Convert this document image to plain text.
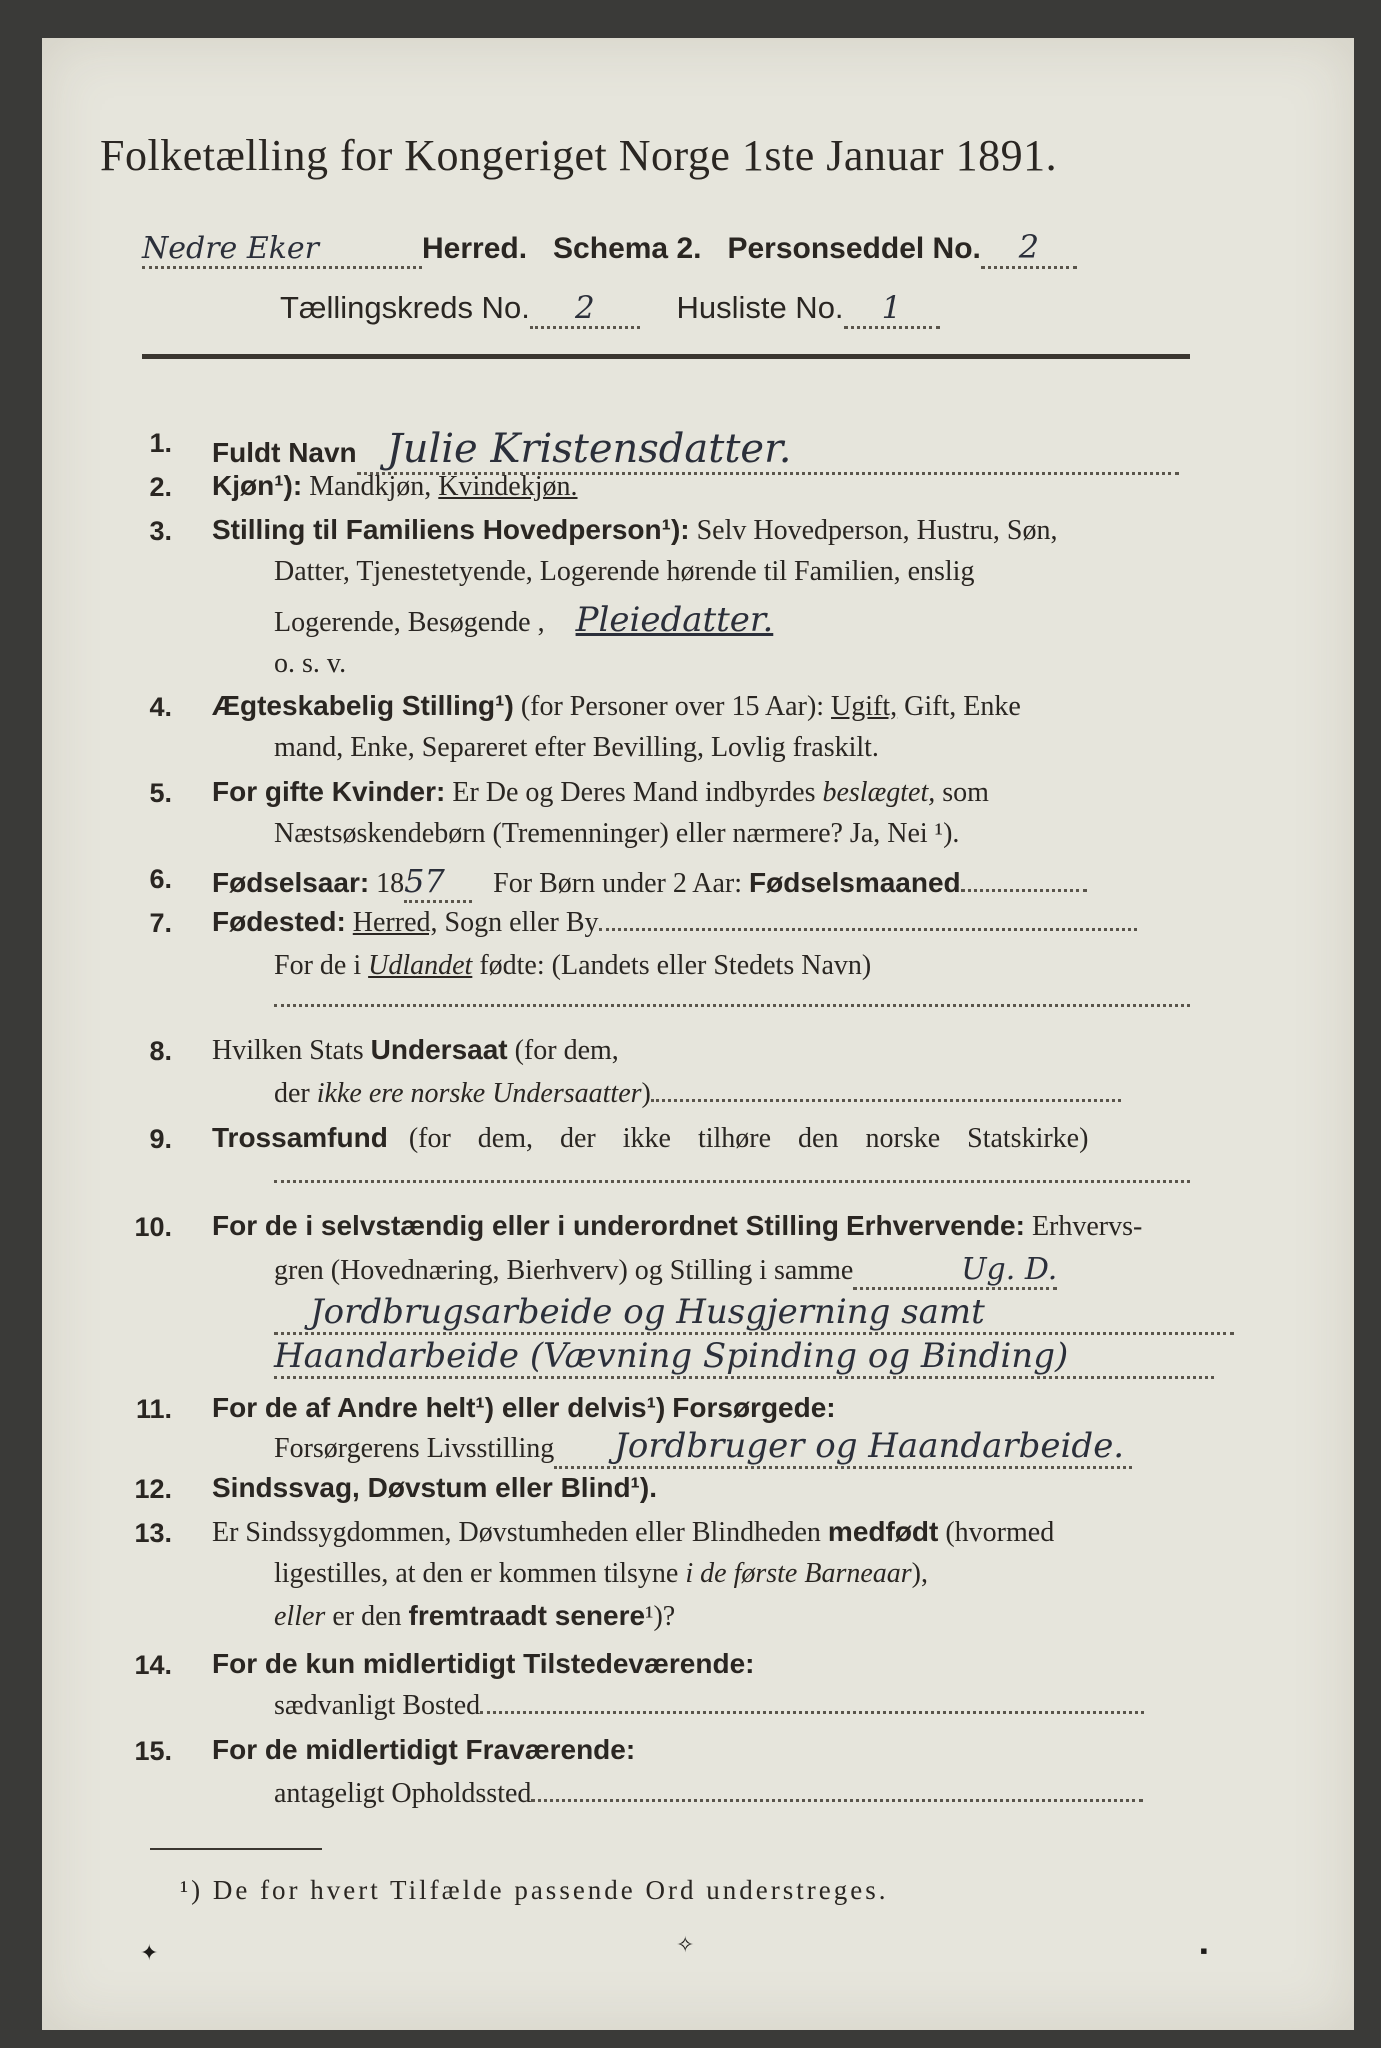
Folketælling for Kongeriget Norge 1ste Januar 1891.
Nedre Eker	Herred. Schema 2. Personseddel No. 2
Tællingskreds No. 2	Husliste No. 1
1. Fuldt Navn Julie Kristensdatter.
2. Kjøn¹): Mandkjøn, Kvindekjøn.
3. Stilling til Familiens Hovedperson¹): Selv Hovedperson, Hustru, Søn,
Datter, Tjenestetyende, Logerende hørende til Familien, enslig
Logerende, Besøgende , Pleiedatter.
o. s. v.
4. Ægteskabelig Stilling¹) (for Personer over 15 Aar): Ugift, Gift, Enke
mand, Enke, Separeret efter Bevilling, Lovlig fraskilt.
5. For gifte Kvinder: Er De og Deres Mand indbyrdes beslægtet, som
Næstsøskendebørn (Tremenninger) eller nærmere? Ja, Nei ¹).
6. Fødselsaar: 1857 For Børn under 2 Aar: Fødselsmaaned
7. Fødested: Herred, Sogn eller By
For de i Udlandet fødte: (Landets eller Stedets Navn)
8. Hvilken Stats Undersaat (for dem,
der ikke ere norske Undersaatter)
9. Trossamfund (for dem, der ikke tilhøre den norske Statskirke)
10. For de i selvstændig eller i underordnet Stilling Erhvervende: Erhvervs-
gren (Hovednæring, Bierhverv) og Stilling i samme	Ug. D.
Jordbrugsarbeide og Husgjerning samt
Haandarbeide (Vævning Spinding og Binding)
11. For de af Andre helt¹) eller delvis¹) Forsørgede:
Forsørgerens Livsstilling Jordbruger og Haandarbeide.
12. Sindssvag, Døvstum eller Blind¹).
13. Er Sindssygdommen, Døvstumheden eller Blindheden medfødt (hvormed
ligestilles, at den er kommen tilsyne i de første Barneaar),
eller er den fremtraadt senere¹)?
14. For de kun midlertidigt Tilstedeværende:
sædvanligt Bosted
15. For de midlertidigt Fraværende:
antageligt Opholdssted
¹) De for hvert Tilfælde passende Ord understreges.
✦	✧	▪
